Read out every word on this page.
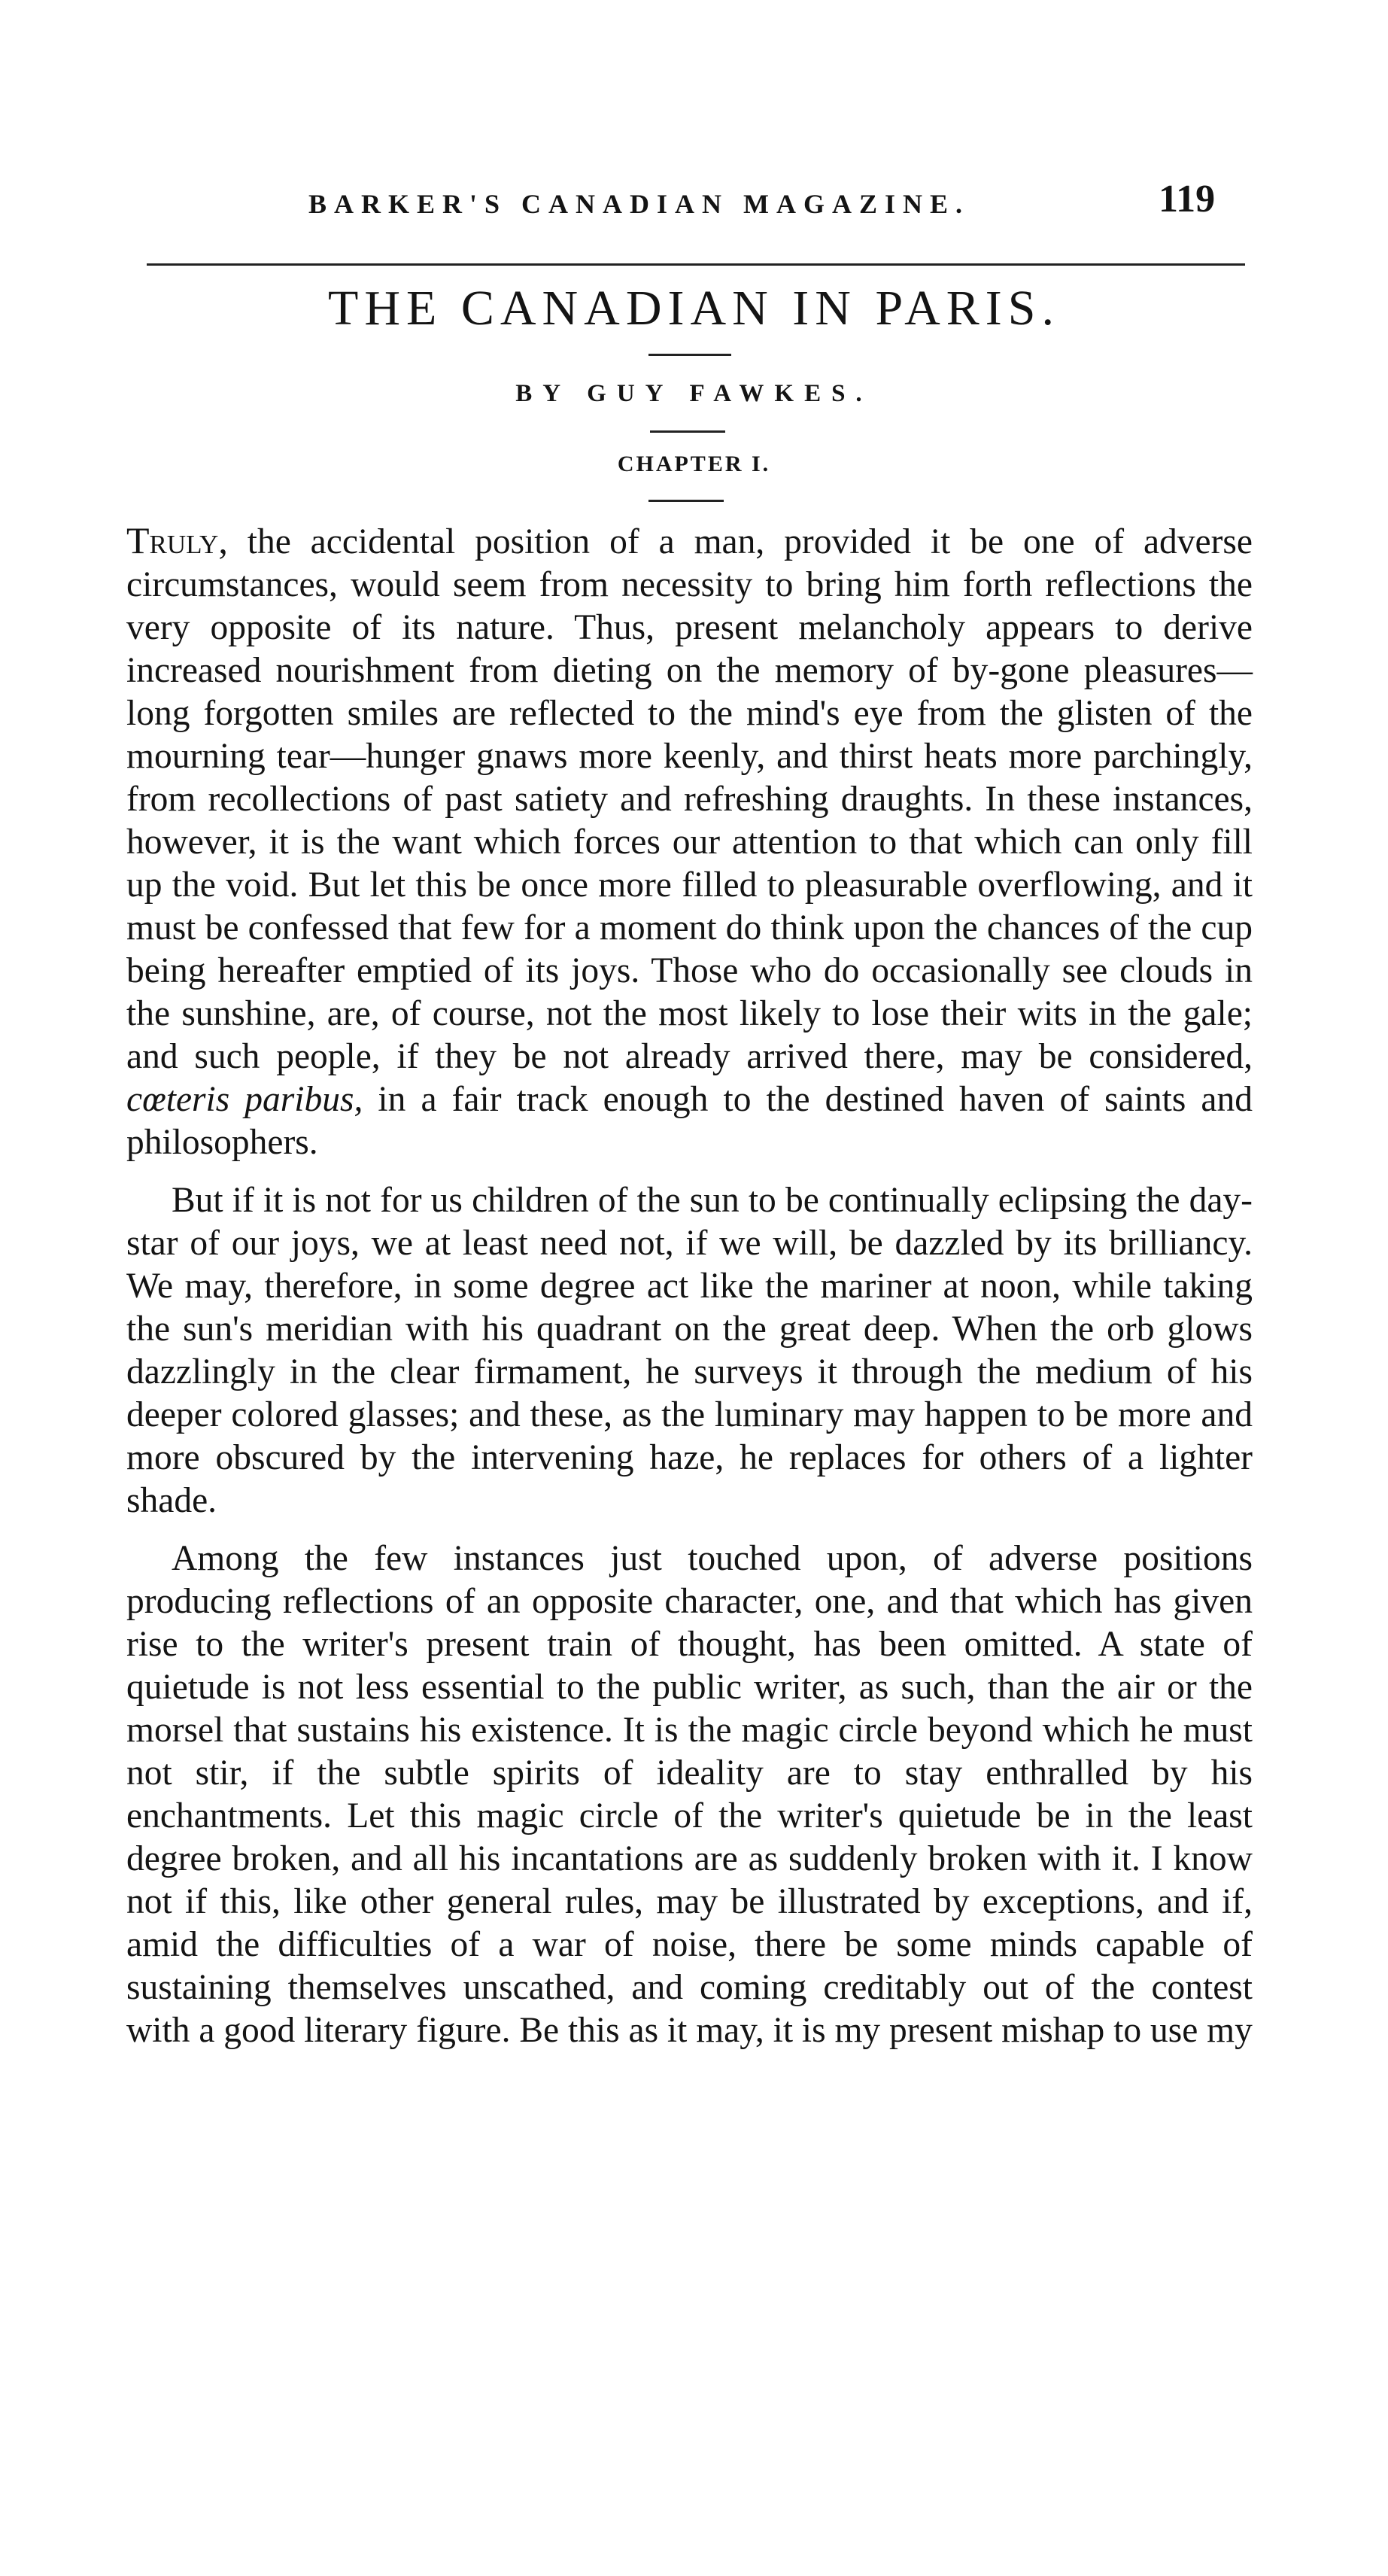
BARKER'S CANADIAN MAGAZINE.	119
THE CANADIAN IN PARIS.
BY GUY FAWKES.
CHAPTER I.

Truly, the accidental position of a man, provided it be one of adverse circumstances, would seem from necessity to bring him forth reflections the very opposite of its nature. Thus, present melancholy appears to derive increased nourishment from dieting on the memory of by-gone pleasures—long forgotten smiles are reflected to the mind's eye from the glisten of the mourning tear—hunger gnaws more keenly, and thirst heats more parchingly, from recollections of past satiety and refreshing draughts. In these instances, however, it is the want which forces our attention to that which can only fill up the void. But let this be once more filled to pleasurable overflowing, and it must be confessed that few for a moment do think upon the chances of the cup being hereafter emptied of its joys. Those who do occasionally see clouds in the sunshine, are, of course, not the most likely to lose their wits in the gale; and such people, if they be not already arrived there, may be considered, cœteris paribus, in a fair track enough to the destined haven of saints and philosophers.

But if it is not for us children of the sun to be continually eclipsing the day-star of our joys, we at least need not, if we will, be dazzled by its brilliancy. We may, therefore, in some degree act like the mariner at noon, while taking the sun's meridian with his quadrant on the great deep. When the orb glows dazzlingly in the clear firmament, he surveys it through the medium of his deeper colored glasses; and these, as the luminary may happen to be more and more obscured by the intervening haze, he replaces for others of a lighter shade.

Among the few instances just touched upon, of adverse positions producing reflections of an opposite character, one, and that which has given rise to the writer's present train of thought, has been omitted. A state of quietude is not less essential to the public writer, as such, than the air or the morsel that sustains his existence. It is the magic circle beyond which he must not stir, if the subtle spirits of ideality are to stay enthralled by his enchantments. Let this magic circle of the writer's quietude be in the least degree broken, and all his incantations are as suddenly broken with it. I know not if this, like other general rules, may be illustrated by exceptions, and if, amid the difficulties of a war of noise, there be some minds capable of sustaining themselves unscathed, and coming creditably out of the contest with a good literary figure. Be this as it may, it is my present mishap to use my
